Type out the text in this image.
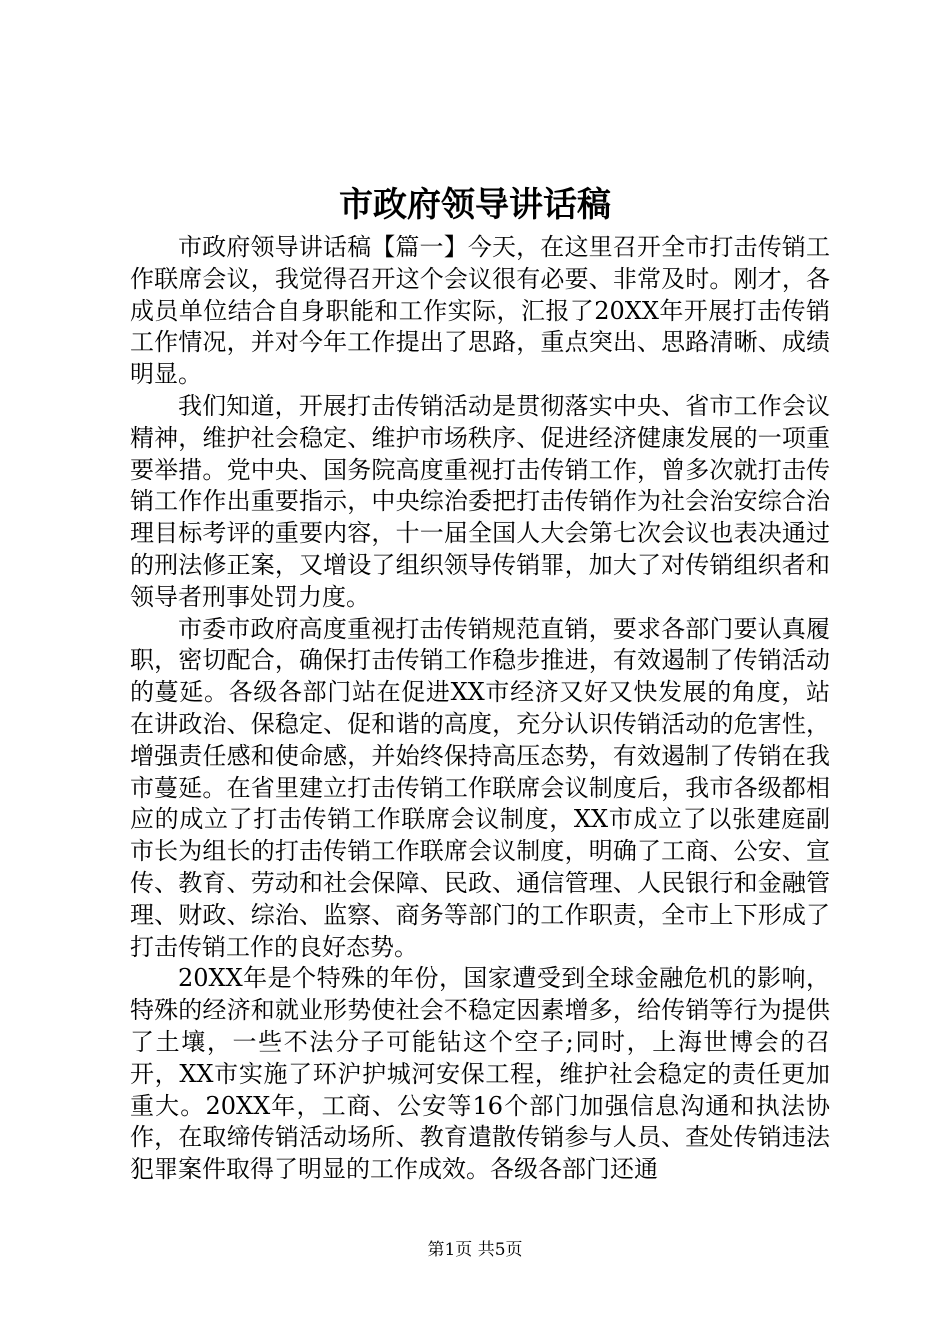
市政府领导讲话稿

市政府领导讲话稿【篇一】今天，在这里召开全市打击传销工作联席会议，我觉得召开这个会议很有必要、非常及时。刚才，各成员单位结合自身职能和工作实际，汇报了20XX年开展打击传销工作情况，并对今年工作提出了思路，重点突出、思路清晰、成绩明显。

我们知道，开展打击传销活动是贯彻落实中央、省市工作会议精神，维护社会稳定、维护市场秩序、促进经济健康发展的一项重要举措。党中央、国务院高度重视打击传销工作，曾多次就打击传销工作作出重要指示，中央综治委把打击传销作为社会治安综合治理目标考评的重要内容，十一届全国人大会第七次会议也表决通过的刑法修正案，又增设了组织领导传销罪，加大了对传销组织者和领导者刑事处罚力度。

市委市政府高度重视打击传销规范直销，要求各部门要认真履职，密切配合，确保打击传销工作稳步推进，有效遏制了传销活动的蔓延。各级各部门站在促进XX市经济又好又快发展的角度，站在讲政治、保稳定、促和谐的高度，充分认识传销活动的危害性，增强责任感和使命感，并始终保持高压态势，有效遏制了传销在我市蔓延。在省里建立打击传销工作联席会议制度后，我市各级都相应的成立了打击传销工作联席会议制度，XX市成立了以张建庭副市长为组长的打击传销工作联席会议制度，明确了工商、公安、宣传、教育、劳动和社会保障、民政、通信管理、人民银行和金融管理、财政、综治、监察、商务等部门的工作职责，全市上下形成了打击传销工作的良好态势。

20XX年是个特殊的年份，国家遭受到全球金融危机的影响，特殊的经济和就业形势使社会不稳定因素增多，给传销等行为提供了土壤，一些不法分子可能钻这个空子;同时，上海世博会的召开，XX市实施了环沪护城河安保工程，维护社会稳定的责任更加重大。20XX年，工商、公安等16个部门加强信息沟通和执法协作，在取缔传销活动场所、教育遣散传销参与人员、查处传销违法犯罪案件取得了明显的工作成效。各级各部门还通

第1页 共5页
